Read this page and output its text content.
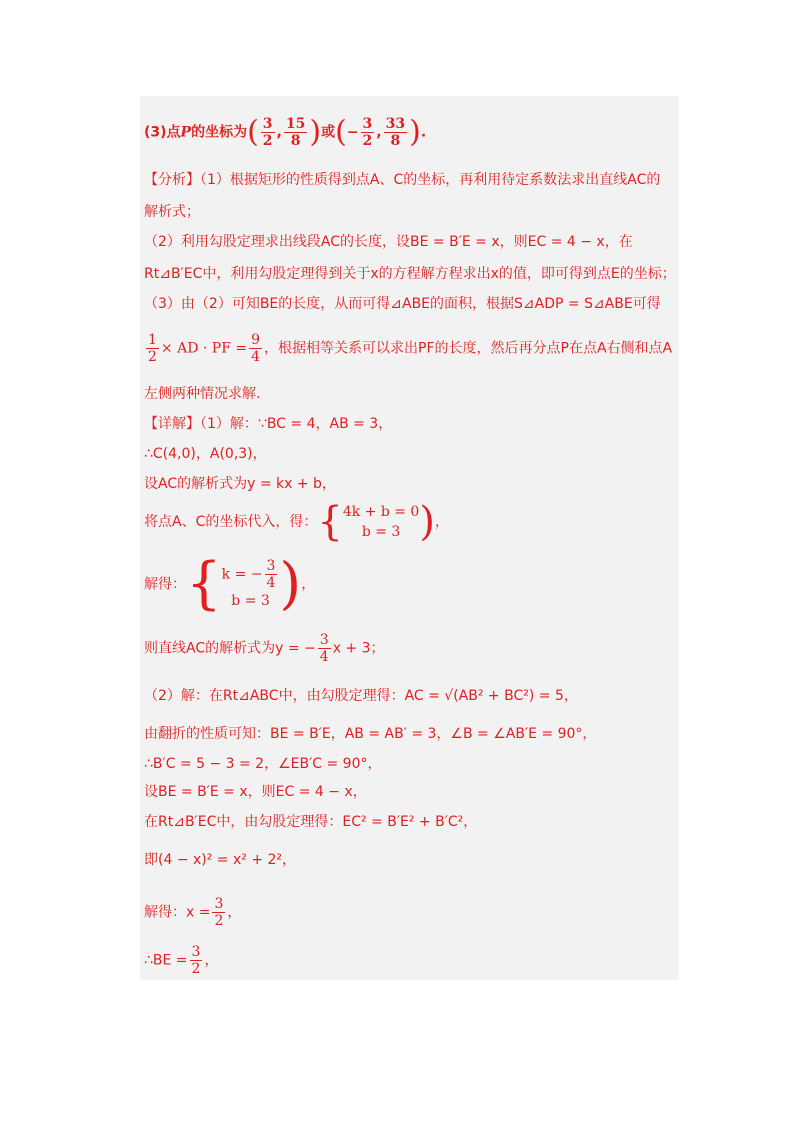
(3)点P的坐标为( $\frac{3}{2}$ , $\frac{15}{8}$ )或(− $\frac{3}{2}$ , $\frac{33}{8}$ ).
【分析】（1）根据矩形的性质得到点A、C的坐标，再利用待定系数法求出直线AC的
解析式；
（2）利用勾股定理求出线段AC的长度，设BE = B′E = x，则EC = 4 − x，在
Rt⊿B′EC中，利用勾股定理得到关于x的方程解方程求出x的值，即可得到点E的坐标；
（3）由（2）可知BE的长度，从而可得⊿ABE的面积，根据S⊿ADP = S⊿ABE可得
$\frac{1}{2}$ × AD · PF = $\frac{9}{4}$ ，根据相等关系可以求出PF的长度，然后再分点P在点A右侧和点A
左侧两种情况求解.
【详解】（1）解：∵BC = 4，AB = 3，
∴C(4,0)，A(0,3)，
设AC的解析式为y = kx + b，
将点A、C的坐标代入，得：{ 4k + b = 0
b = 3 )，
解得：{ k = − $\frac{3}{4}$
b = 3 )，
则直线AC的解析式为y = − $\frac{3}{4}$ x + 3；
（2）解：在Rt⊿ABC中，由勾股定理得：AC = √(AB² + BC²) = 5，
由翻折的性质可知：BE = B′E，AB = AB′ = 3，∠B = ∠AB′E = 90°，
∴B′C = 5 − 3 = 2，∠EB′C = 90°，
设BE = B′E = x，则EC = 4 − x，
在Rt⊿B′EC中，由勾股定理得：EC² = B′E² + B′C²，
即(4 − x)² = x² + 2²，
解得：$x = \frac{3}{2}$ ，
∴BE = $\frac{3}{2}$ ，
